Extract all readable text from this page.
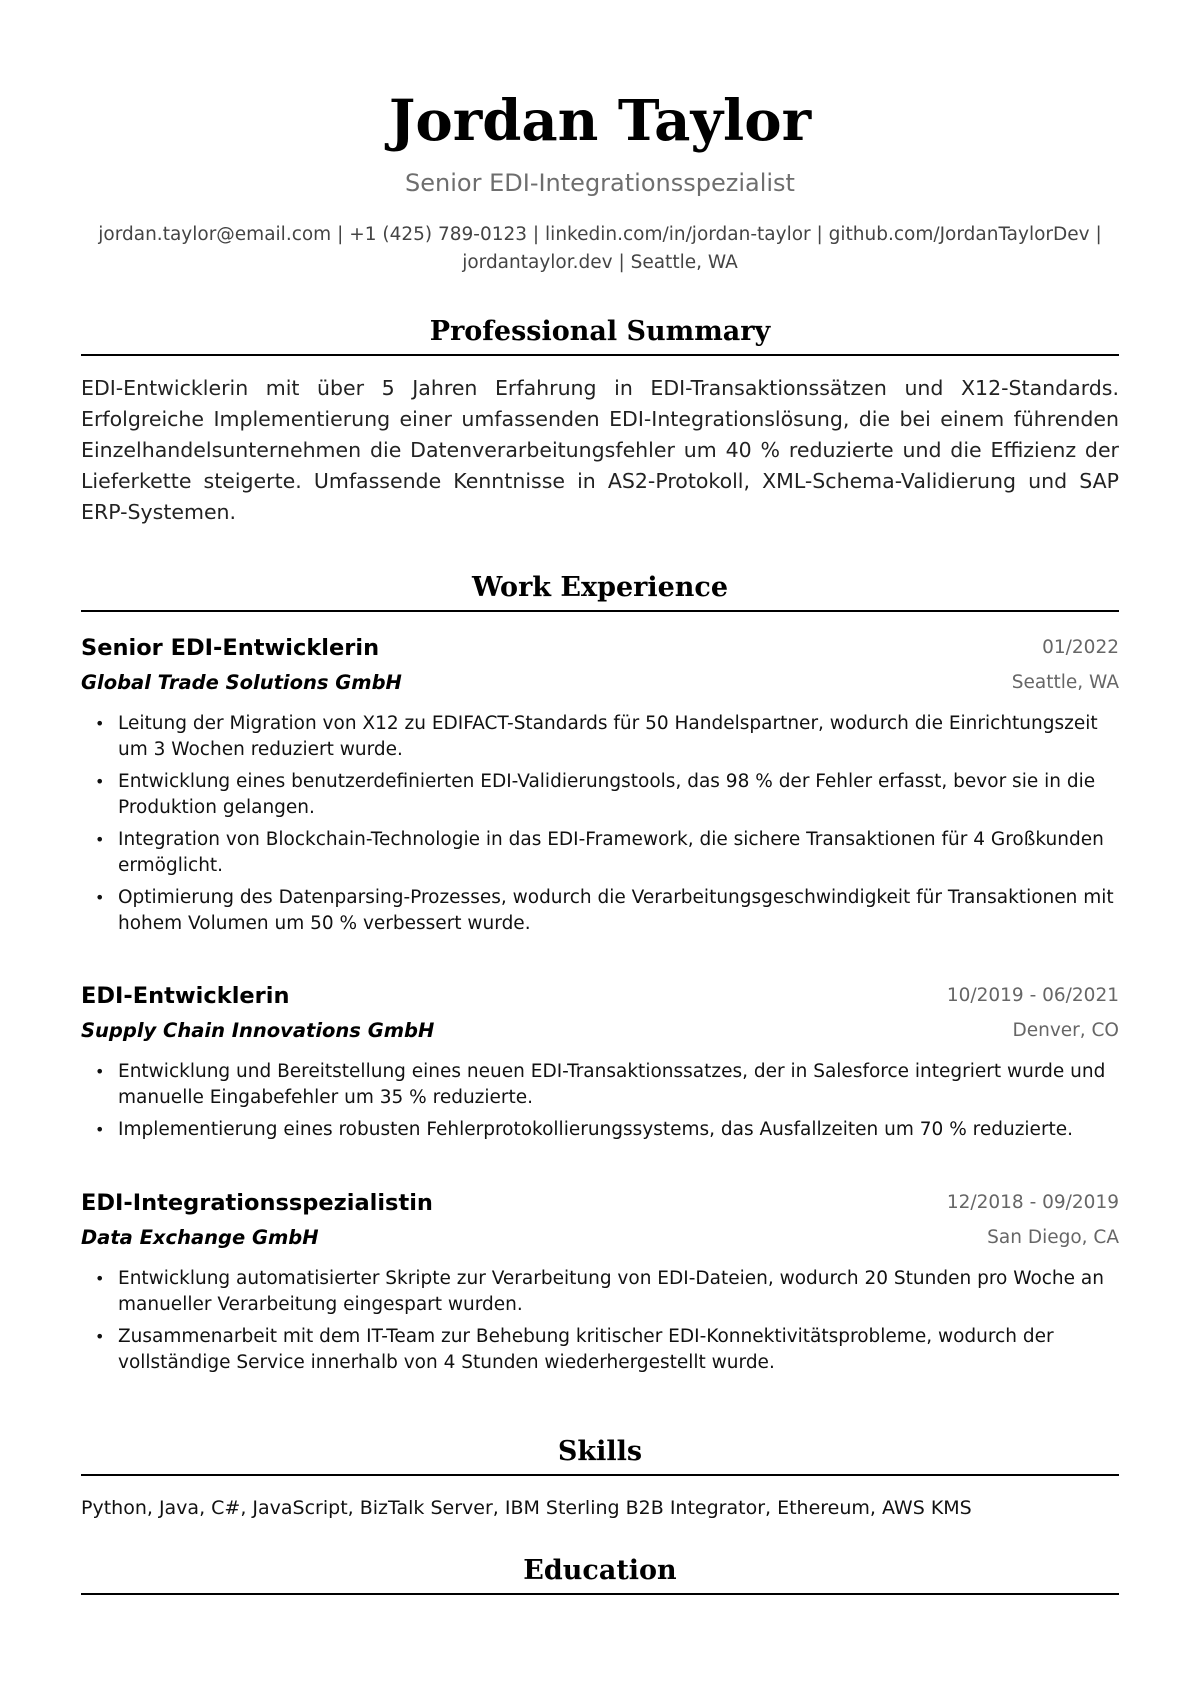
Jordan Taylor
Senior EDI-Integrationsspezialist
jordan.taylor@email.com | +1 (425) 789-0123 | linkedin.com/in/jordan-taylor | github.com/JordanTaylorDev |
jordantaylor.dev | Seattle, WA
Professional Summary
EDI-Entwicklerin mit über 5 Jahren Erfahrung in EDI-Transaktionssätzen und X12-Standards. Erfolgreiche Implementierung einer umfassenden EDI-Integrationslösung, die bei einem führenden Einzelhandelsunternehmen die Datenverarbeitungsfehler um 40 % reduzierte und die Effizienz der Lieferkette steigerte. Umfassende Kenntnisse in AS2-Protokoll, XML-Schema-Validierung und SAP ERP-Systemen.
Work Experience
Senior EDI-Entwicklerin	01/2022
Global Trade Solutions GmbH	Seattle, WA
• Leitung der Migration von X12 zu EDIFACT-Standards für 50 Handelspartner, wodurch die Einrichtungszeit um 3 Wochen reduziert wurde.
• Entwicklung eines benutzerdefinierten EDI-Validierungstools, das 98 % der Fehler erfasst, bevor sie in die Produktion gelangen.
• Integration von Blockchain-Technologie in das EDI-Framework, die sichere Transaktionen für 4 Großkunden ermöglicht.
• Optimierung des Datenparsing-Prozesses, wodurch die Verarbeitungsgeschwindigkeit für Transaktionen mit hohem Volumen um 50 % verbessert wurde.
EDI-Entwicklerin	10/2019 - 06/2021
Supply Chain Innovations GmbH	Denver, CO
• Entwicklung und Bereitstellung eines neuen EDI-Transaktionssatzes, der in Salesforce integriert wurde und manuelle Eingabefehler um 35 % reduzierte.
• Implementierung eines robusten Fehlerprotokollierungssystems, das Ausfallzeiten um 70 % reduzierte.
EDI-Integrationsspezialistin	12/2018 - 09/2019
Data Exchange GmbH	San Diego, CA
• Entwicklung automatisierter Skripte zur Verarbeitung von EDI-Dateien, wodurch 20 Stunden pro Woche an manueller Verarbeitung eingespart wurden.
• Zusammenarbeit mit dem IT-Team zur Behebung kritischer EDI-Konnektivitätsprobleme, wodurch der vollständige Service innerhalb von 4 Stunden wiederhergestellt wurde.
Skills
Python, Java, C#, JavaScript, BizTalk Server, IBM Sterling B2B Integrator, Ethereum, AWS KMS
Education
